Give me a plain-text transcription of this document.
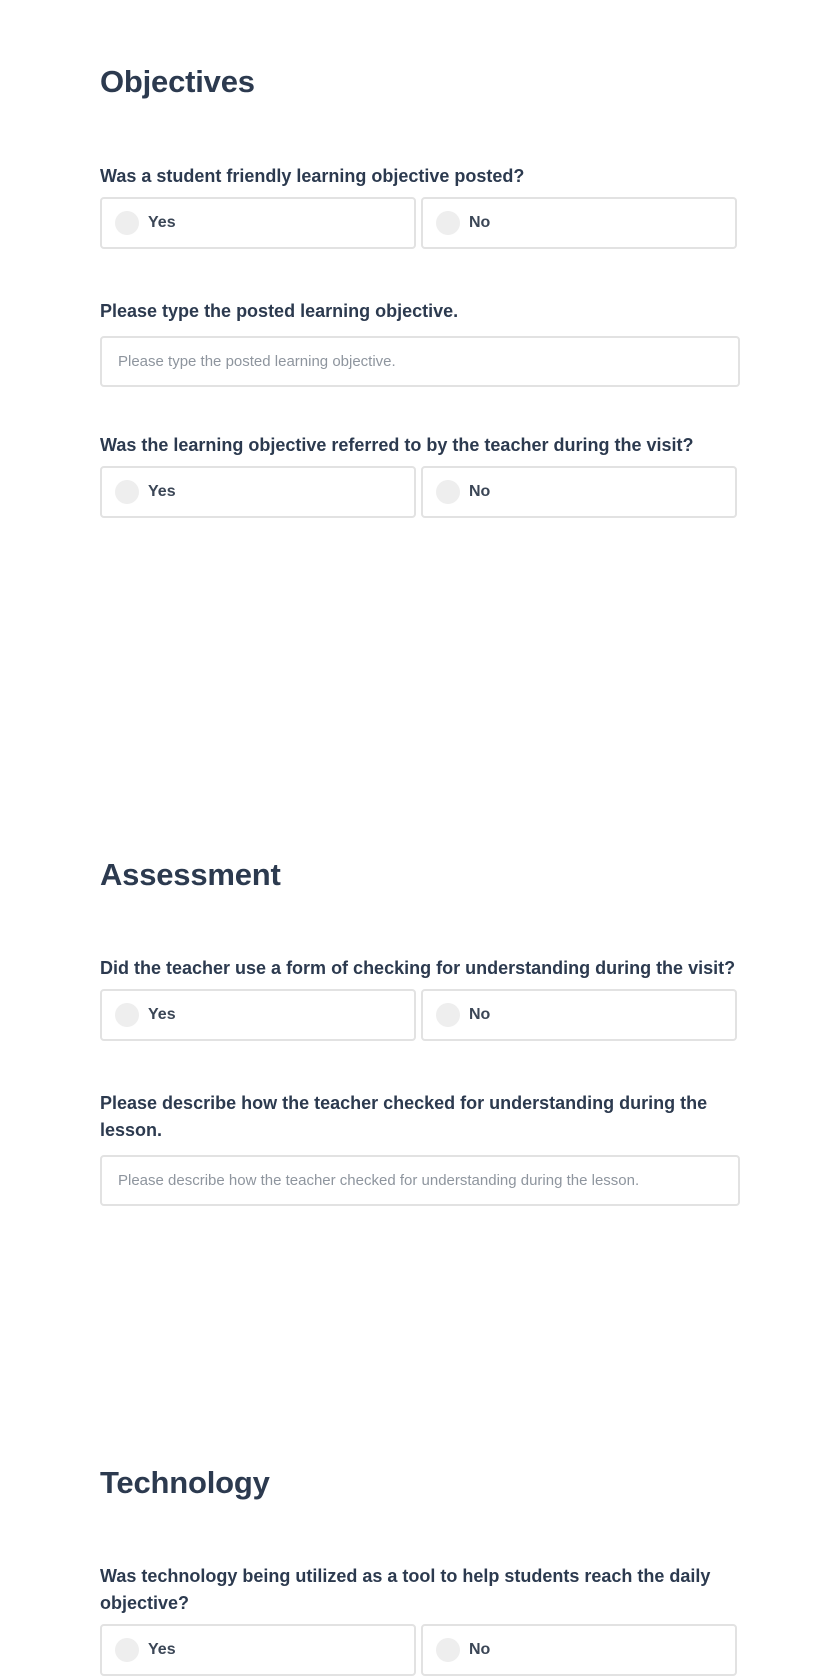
Objectives

Was a student friendly learning objective posted?

Yes	No

Please type the posted learning objective.

Please type the posted learning objective.

Was the learning objective referred to by the teacher during the visit?

Yes	No
Assessment

Did the teacher use a form of checking for understanding during the visit?

Yes	No

Please describe how the teacher checked for understanding during the lesson.

Please describe how the teacher checked for understanding during the lesson.
Technology

Was technology being utilized as a tool to help students reach the daily objective?

Yes	No
